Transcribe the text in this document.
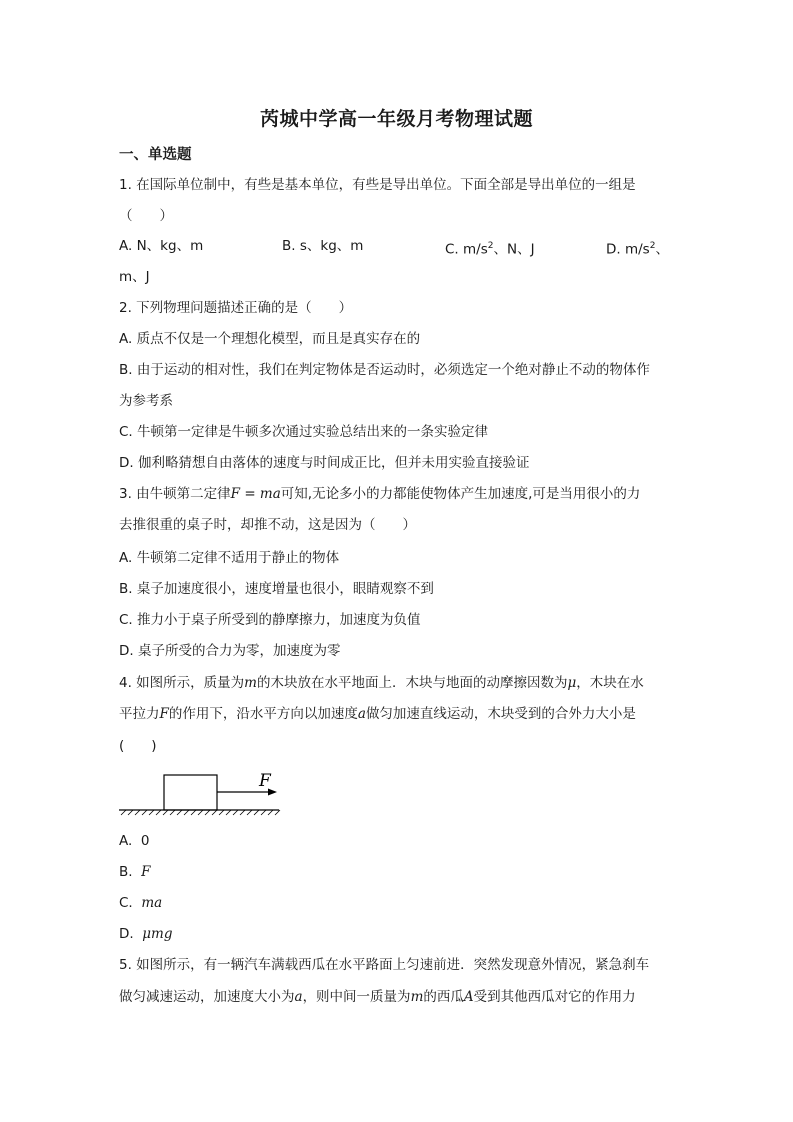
芮城中学高一年级月考物理试题
一、单选题
1. 在国际单位制中，有些是基本单位，有些是导出单位。下面全部是导出单位的一组是
（　　）
A. N、kg、m	B. s、kg、m	C. $m/s^2$、N、J	D. $m/s^2$、
m、J
2. 下列物理问题描述正确的是（　　）
A. 质点不仅是一个理想化模型，而且是真实存在的
B. 由于运动的相对性，我们在判定物体是否运动时，必须选定一个绝对静止不动的物体作
为参考系
C. 牛顿第一定律是牛顿多次通过实验总结出来的一条实验定律
D. 伽利略猜想自由落体的速度与时间成正比，但并未用实验直接验证
3. 由牛顿第二定律F = ma可知,无论多小的力都能使物体产生加速度,可是当用很小的力
去推很重的桌子时，却推不动，这是因为（　　）
A. 牛顿第二定律不适用于静止的物体
B. 桌子加速度很小，速度增量也很小，眼睛观察不到
C. 推力小于桌子所受到的静摩擦力，加速度为负值
D. 桌子所受的合力为零，加速度为零
4. 如图所示，质量为m的木块放在水平地面上．木块与地面的动摩擦因数为μ，木块在水
平拉力F的作用下，沿水平方向以加速度a做匀加速直线运动，木块受到的合外力大小是
(　　)
F
A. 0
B. F
C. ma
D. μmg
5. 如图所示，有一辆汽车满载西瓜在水平路面上匀速前进．突然发现意外情况，紧急刹车
做匀减速运动，加速度大小为a，则中间一质量为m的西瓜A受到其他西瓜对它的作用力
